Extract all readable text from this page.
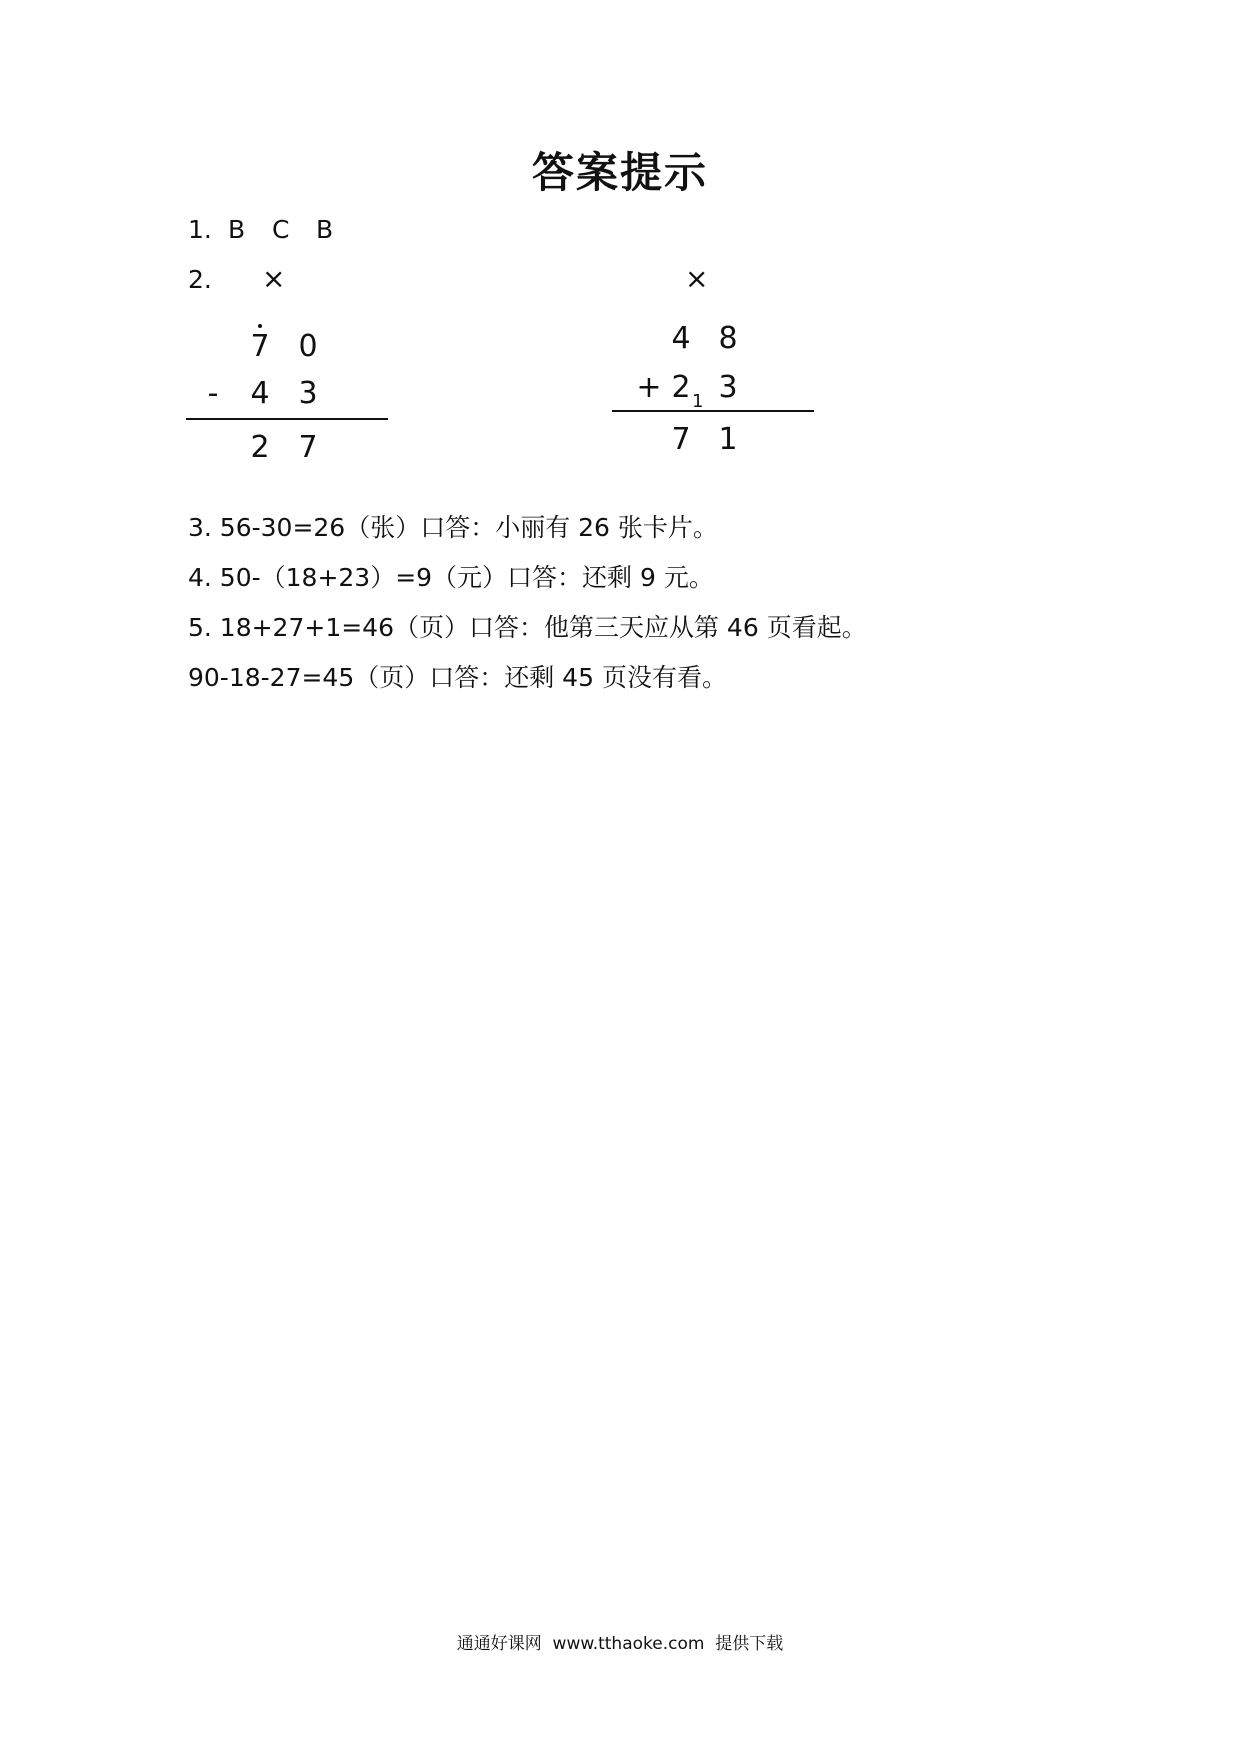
答案提示
1. B C B
2. ×
7 0
-	4 3
2 7
×
4 8
+ 2 1 3
7 1
3. 56-30=26（张）口答：小丽有 26 张卡片。
4. 50-（18+23）=9（元）口答：还剩 9 元。
5. 18+27+1=46（页）口答：他第三天应从第 46 页看起。
90-18-27=45（页）口答：还剩 45 页没有看。
通通好课网  www.tthaoke.com  提供下载
